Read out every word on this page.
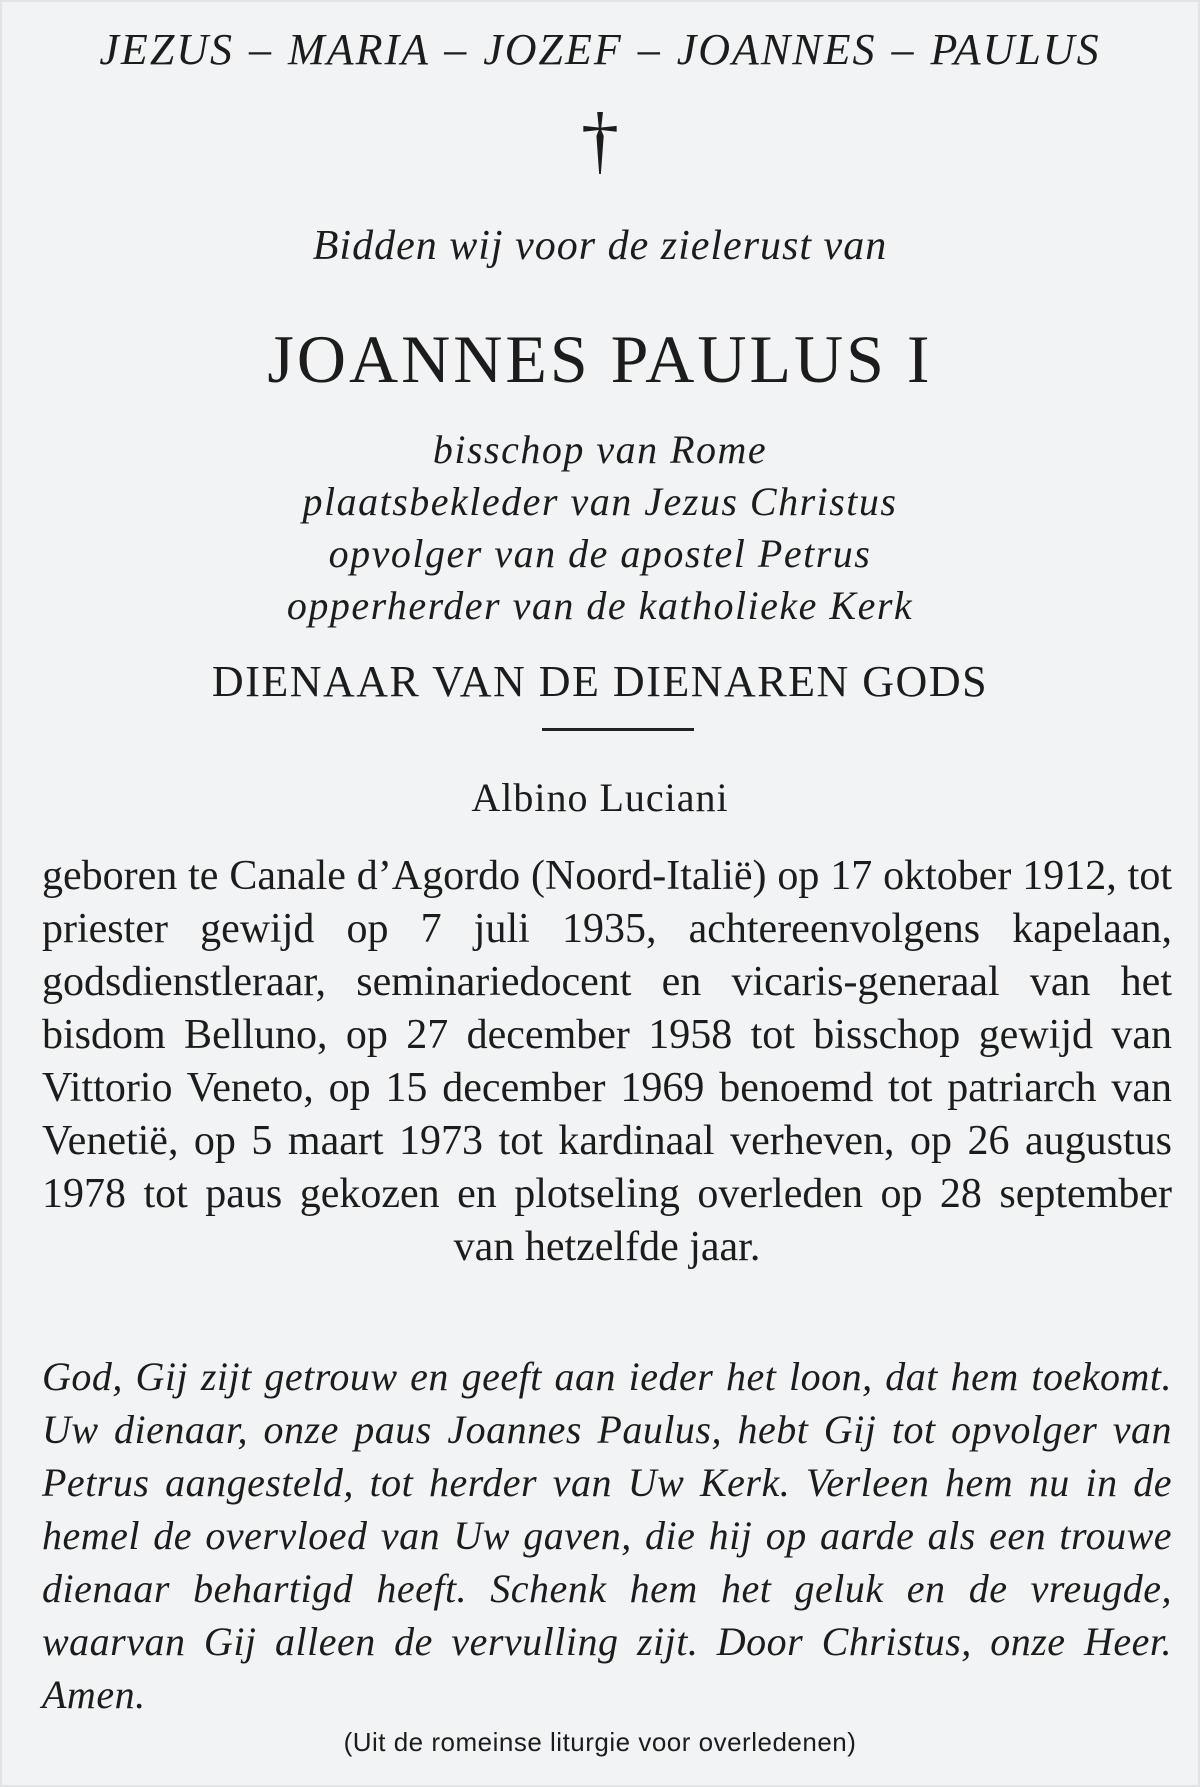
JEZUS – MARIA – JOZEF – JOANNES – PAULUS
†
Bidden wij voor de zielerust van
JOANNES PAULUS I
bisschop van Rome
plaatsbekleder van Jezus Christus
opvolger van de apostel Petrus
opperherder van de katholieke Kerk
DIENAAR VAN DE DIENAREN GODS
Albino Luciani
geboren te Canale d’Agordo (Noord-Italië) op 17 oktober 1912, tot priester gewijd op 7 juli 1935, achtereenvolgens kapelaan, godsdienstleraar, seminariedocent en vicaris-generaal van het bisdom Belluno, op 27 december 1958 tot bisschop gewijd van Vittorio Veneto, op 15 december 1969 benoemd tot patriarch van Venetië, op 5 maart 1973 tot kardinaal verheven, op 26 augustus 1978 tot paus gekozen en plotseling overleden op 28 september van hetzelfde jaar.
God, Gij zijt getrouw en geeft aan ieder het loon, dat hem toekomt. Uw dienaar, onze paus Joannes Paulus, hebt Gij tot opvolger van Petrus aangesteld, tot herder van Uw Kerk. Verleen hem nu in de hemel de overvloed van Uw gaven, die hij op aarde als een trouwe dienaar behartigd heeft. Schenk hem het geluk en de vreugde, waarvan Gij alleen de vervulling zijt. Door Christus, onze Heer. Amen.
(Uit de romeinse liturgie voor overledenen)
